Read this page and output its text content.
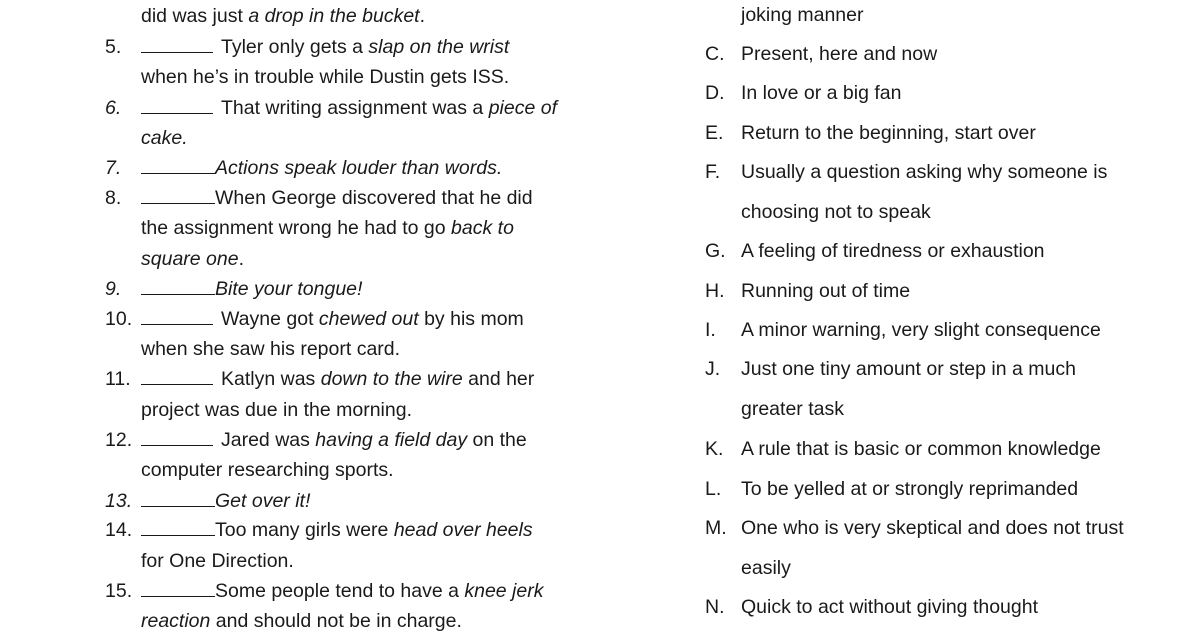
did was just a drop in the bucket.
5.	Tyler only gets a slap on the wrist
when he’s in trouble while Dustin gets ISS.
6.	That writing assignment was a piece of
cake.
7.	Actions speak louder than words.
8.	When George discovered that he did
the assignment wrong he had to go back to
square one.
9.	Bite your tongue!
10.	Wayne got chewed out by his mom
when she saw his report card.
11.	Katlyn was down to the wire and her
project was due in the morning.
12.	Jared was having a field day on the
computer researching sports.
13.	Get over it!
14.	Too many girls were head over heels
for One Direction.
15.	Some people tend to have a knee jerk
reaction and should not be in charge.
joking manner
C. Present, here and now
D. In love or a big fan
E. Return to the beginning, start over
F. Usually a question asking why someone is
choosing not to speak
G. A feeling of tiredness or exhaustion
H. Running out of time
I. A minor warning, very slight consequence
J. Just one tiny amount or step in a much
greater task
K. A rule that is basic or common knowledge
L. To be yelled at or strongly reprimanded
M. One who is very skeptical and does not trust
easily
N. Quick to act without giving thought
